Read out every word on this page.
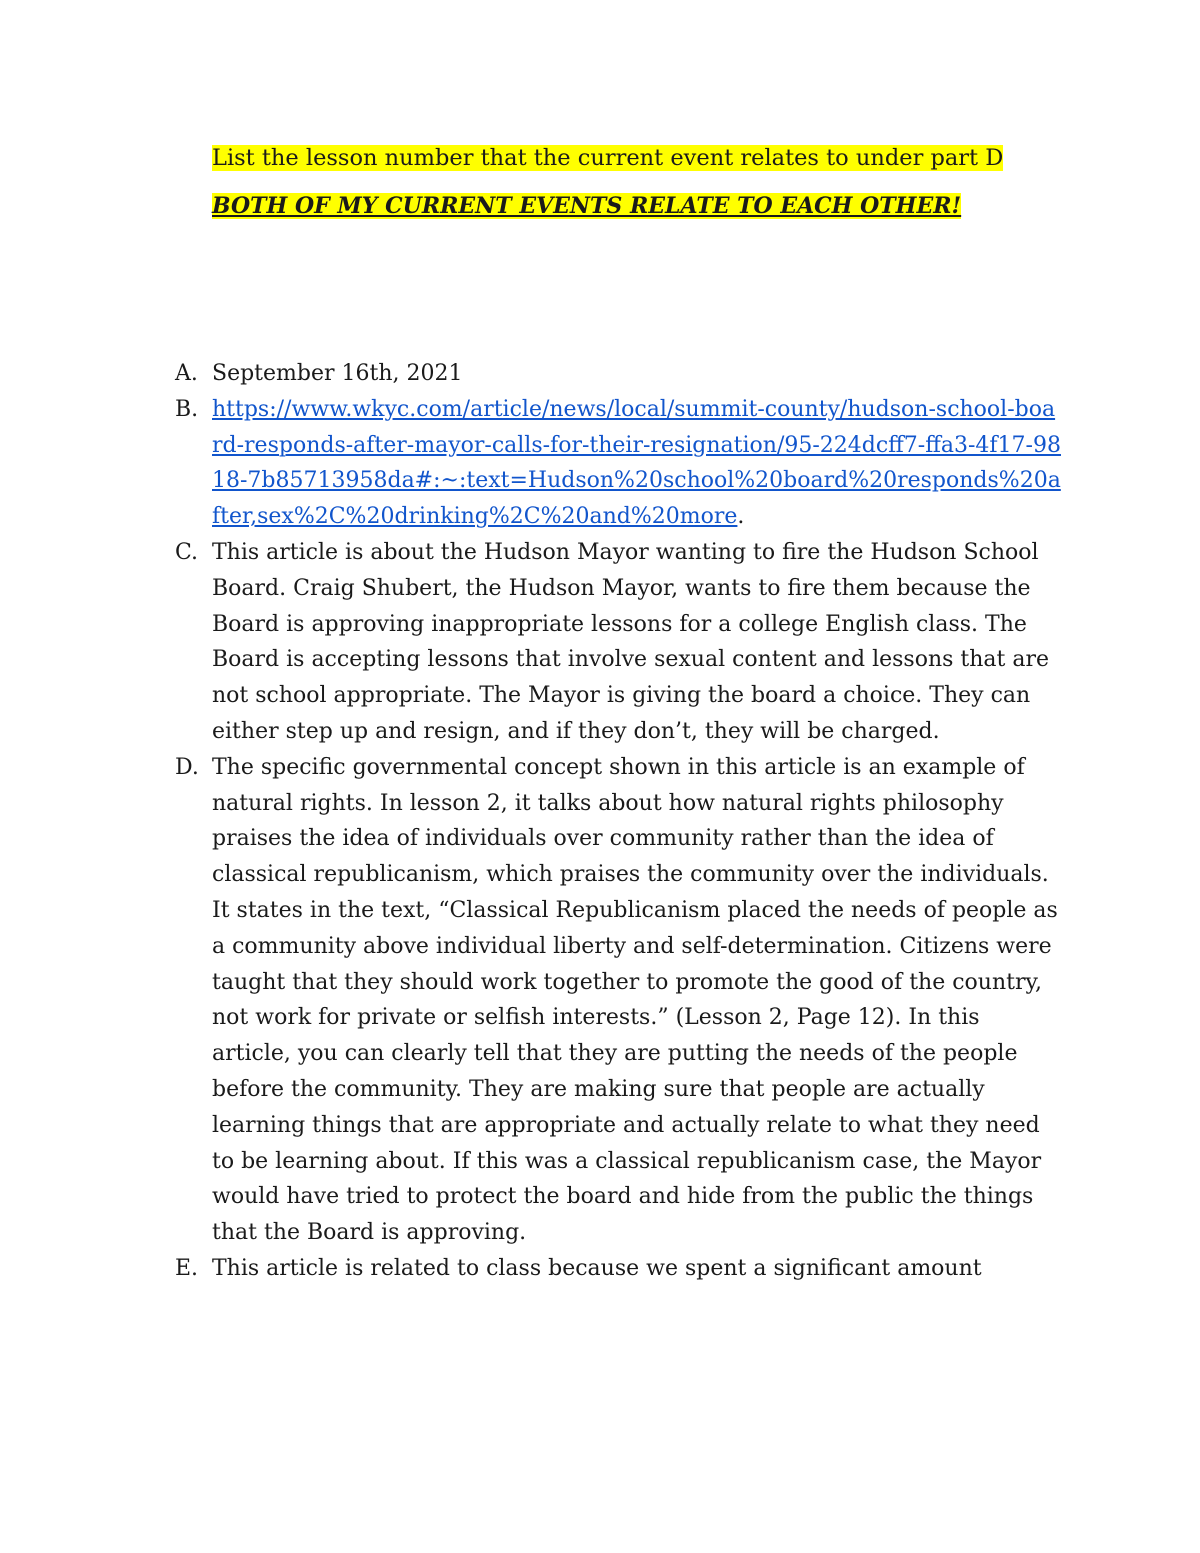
List the lesson number that the current event relates to under part D

BOTH OF MY CURRENT EVENTS RELATE TO EACH OTHER!

A. September 16th, 2021
B. https://www.wkyc.com/article/news/local/summit-county/hudson-school-board-responds-after-mayor-calls-for-their-resignation/95-224dcff7-ffa3-4f17-9818-7b85713958da#:~:text=Hudson%20school%20board%20responds%20after,sex%2C%20drinking%2C%20and%20more.
C. This article is about the Hudson Mayor wanting to fire the Hudson School Board. Craig Shubert, the Hudson Mayor, wants to fire them because the Board is approving inappropriate lessons for a college English class. The Board is accepting lessons that involve sexual content and lessons that are not school appropriate. The Mayor is giving the board a choice. They can either step up and resign, and if they don’t, they will be charged.
D. The specific governmental concept shown in this article is an example of natural rights. In lesson 2, it talks about how natural rights philosophy praises the idea of individuals over community rather than the idea of classical republicanism, which praises the community over the individuals. It states in the text, “Classical Republicanism placed the needs of people as a community above individual liberty and self-determination. Citizens were taught that they should work together to promote the good of the country, not work for private or selfish interests.” (Lesson 2, Page 12). In this article, you can clearly tell that they are putting the needs of the people before the community. They are making sure that people are actually learning things that are appropriate and actually relate to what they need to be learning about. If this was a classical republicanism case, the Mayor would have tried to protect the board and hide from the public the things that the Board is approving.
E. This article is related to class because we spent a significant amount
